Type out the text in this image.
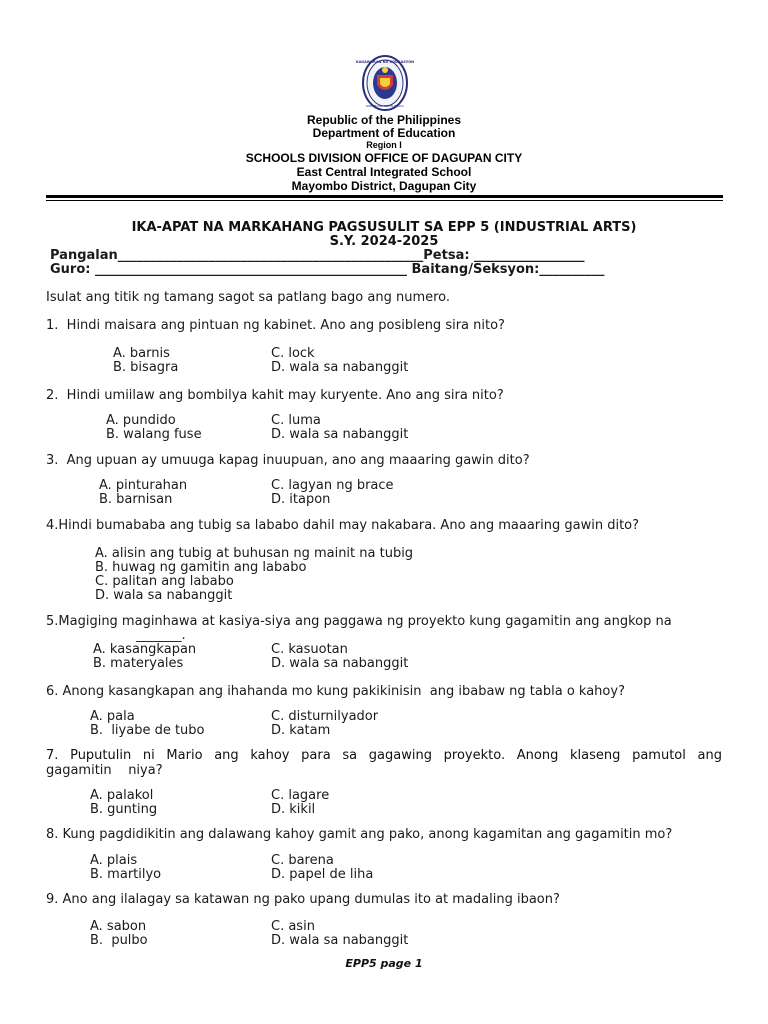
KAGAWARAN NG EDUKASYON
REPUBLIKA NG PILIPINAS
Republic of the Philippines
Department of Education
Region I
SCHOOLS DIVISION OFFICE OF DAGUPAN CITY
East Central Integrated School
Mayombo District, Dagupan City
IKA-APAT NA MARKAHANG PAGSUSULIT SA EPP 5 (INDUSTRIAL ARTS)
S.Y. 2024-2025
Pangalan_______________________________________________Petsa: _________________
Guro: ________________________________________________ Baitang/Seksyon:__________
Isulat ang titik ng tamang sagot sa patlang bago ang numero.
1.  Hindi maisara ang pintuan ng kabinet. Ano ang posibleng sira nito?
A. barnis
B. bisagra
C. lock
D. wala sa nabanggit
2.  Hindi umiilaw ang bombilya kahit may kuryente. Ano ang sira nito?
A. pundido
B. walang fuse
C. luma
D. wala sa nabanggit
3.  Ang upuan ay umuuga kapag inuupuan, ano ang maaaring gawin dito?
A. pinturahan
B. barnisan
C. lagyan ng brace
D. itapon
4.Hindi bumababa ang tubig sa lababo dahil may nakabara. Ano ang maaaring gawin dito?
A. alisin ang tubig at buhusan ng mainit na tubig
B. huwag ng gamitin ang lababo
C. palitan ang lababo
D. wala sa nabanggit
5.Magiging maginhawa at kasiya-siya ang paggawa ng proyekto kung gagamitin ang angkop na
_______.
A. kasangkapan
B. materyales
C. kasuotan
D. wala sa nabanggit
6. Anong kasangkapan ang ihahanda mo kung pakikinisin  ang ibabaw ng tabla o kahoy?
A. pala
B.  liyabe de tubo
C. disturnilyador
D. katam
7. Puputulin ni Mario ang kahoy para sa gagawing proyekto. Anong klaseng pamutol ang
gagamitin    niya?
A. palakol
B. gunting
C. lagare
D. kikil
8. Kung pagdidikitin ang dalawang kahoy gamit ang pako, anong kagamitan ang gagamitin mo?
A. plais
B. martilyo
C. barena
D. papel de liha
9. Ano ang ilalagay sa katawan ng pako upang dumulas ito at madaling ibaon?
A. sabon
B.  pulbo
C. asin
D. wala sa nabanggit
EPP5 page 1
